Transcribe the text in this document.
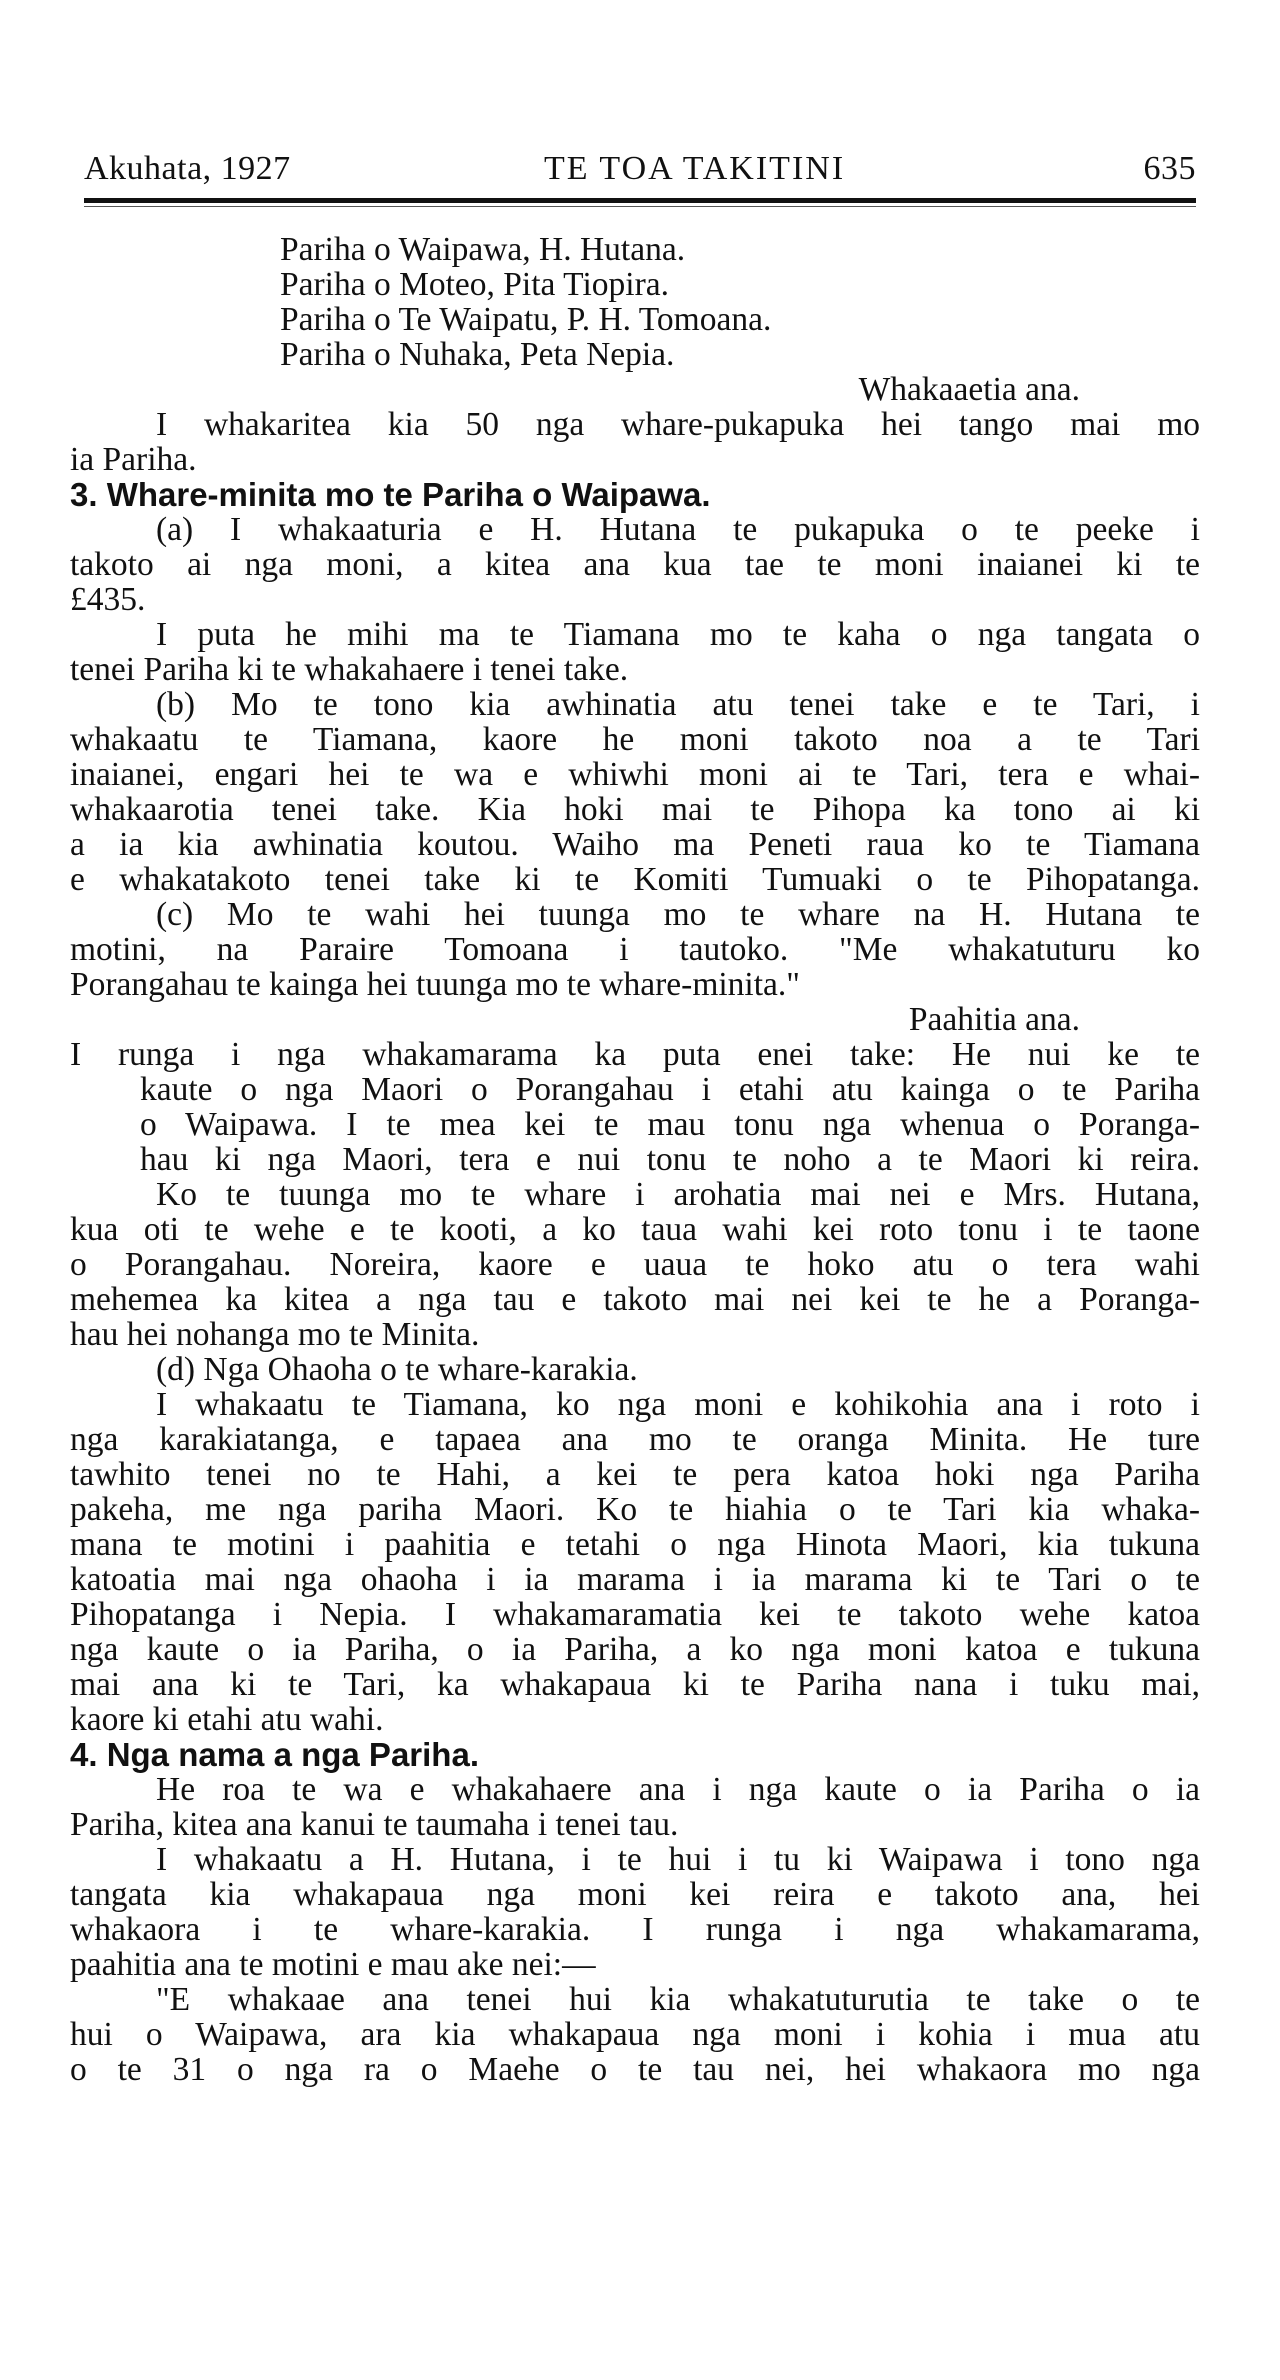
Akuhata, 1927	TE TOA TAKITINI	635
Pariha o Waipawa, H. Hutana.
Pariha o Moteo, Pita Tiopira.
Pariha o Te Waipatu, P. H. Tomoana.
Pariha o Nuhaka, Peta Nepia.
Whakaaetia ana.
I whakaritea kia 50 nga whare-pukapuka hei tango mai mo
ia Pariha.
3. Whare-minita mo te Pariha o Waipawa.
(a) I whakaaturia e H. Hutana te pukapuka o te peeke i
takoto ai nga moni, a kitea ana kua tae te moni inaianei ki te
£435.
I puta he mihi ma te Tiamana mo te kaha o nga tangata o
tenei Pariha ki te whakahaere i tenei take.
(b) Mo te tono kia awhinatia atu tenei take e te Tari, i
whakaatu te Tiamana, kaore he moni takoto noa a te Tari
inaianei, engari hei te wa e whiwhi moni ai te Tari, tera e whai-
whakaarotia tenei take. Kia hoki mai te Pihopa ka tono ai ki
a ia kia awhinatia koutou. Waiho ma Peneti raua ko te Tiamana
e whakatakoto tenei take ki te Komiti Tumuaki o te Pihopatanga.
(c) Mo te wahi hei tuunga mo te whare na H. Hutana te
motini, na Paraire Tomoana i tautoko. "Me whakatuturu ko
Porangahau te kainga hei tuunga mo te whare-minita."
Paahitia ana.
I runga i nga whakamarama ka puta enei take: He nui ke te
kaute o nga Maori o Porangahau i etahi atu kainga o te Pariha
o Waipawa. I te mea kei te mau tonu nga whenua o Poranga-
hau ki nga Maori, tera e nui tonu te noho a te Maori ki reira.
Ko te tuunga mo te whare i arohatia mai nei e Mrs. Hutana,
kua oti te wehe e te kooti, a ko taua wahi kei roto tonu i te taone
o Porangahau. Noreira, kaore e uaua te hoko atu o tera wahi
mehemea ka kitea a nga tau e takoto mai nei kei te he a Poranga-
hau hei nohanga mo te Minita.
(d) Nga Ohaoha o te whare-karakia.
I whakaatu te Tiamana, ko nga moni e kohikohia ana i roto i
nga karakiatanga, e tapaea ana mo te oranga Minita. He ture
tawhito tenei no te Hahi, a kei te pera katoa hoki nga Pariha
pakeha, me nga pariha Maori. Ko te hiahia o te Tari kia whaka-
mana te motini i paahitia e tetahi o nga Hinota Maori, kia tukuna
katoatia mai nga ohaoha i ia marama i ia marama ki te Tari o te
Pihopatanga i Nepia. I whakamaramatia kei te takoto wehe katoa
nga kaute o ia Pariha, o ia Pariha, a ko nga moni katoa e tukuna
mai ana ki te Tari, ka whakapaua ki te Pariha nana i tuku mai,
kaore ki etahi atu wahi.
4. Nga nama a nga Pariha.
He roa te wa e whakahaere ana i nga kaute o ia Pariha o ia
Pariha, kitea ana kanui te taumaha i tenei tau.
I whakaatu a H. Hutana, i te hui i tu ki Waipawa i tono nga
tangata kia whakapaua nga moni kei reira e takoto ana, hei
whakaora i te whare-karakia. I runga i nga whakamarama,
paahitia ana te motini e mau ake nei:—
"E whakaae ana tenei hui kia whakatuturutia te take o te
hui o Waipawa, ara kia whakapaua nga moni i kohia i mua atu
o te 31 o nga ra o Maehe o te tau nei, hei whakaora mo nga
